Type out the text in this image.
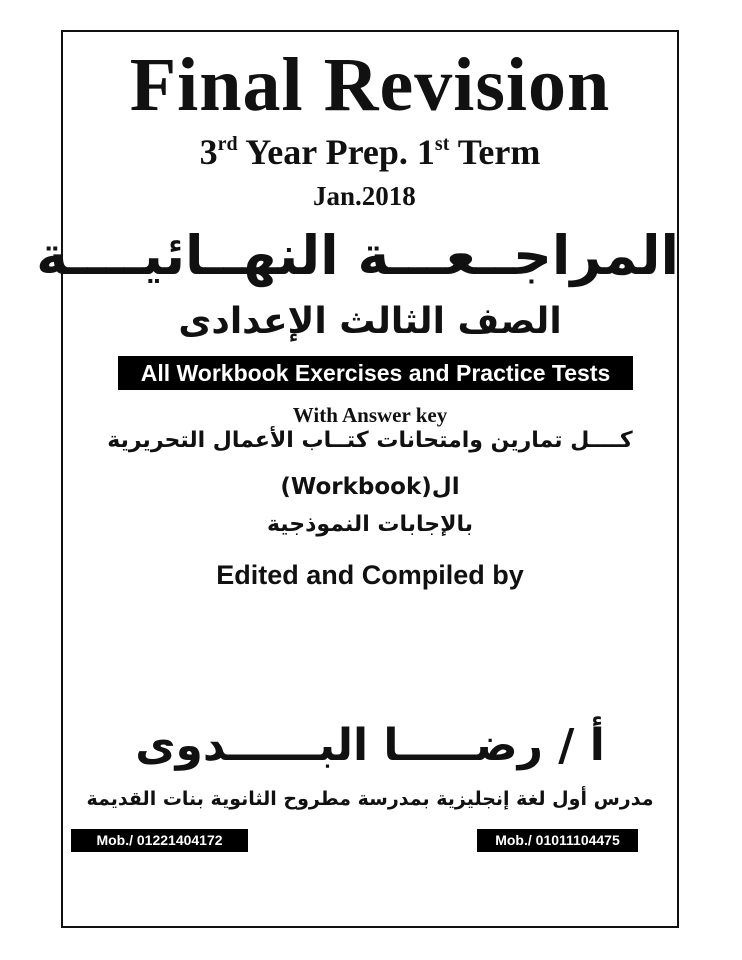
Final Revision
3rd Year Prep. 1st Term
Jan.2018
المراجــعـــة النهــائيــــة
الصف الثالث الإعدادى
All Workbook Exercises and Practice Tests
With Answer key
كــــل تمارين وامتحانات كتــاب الأعمال التحريرية
ال(Workbook)
بالإجابات النموذجية
Edited and Compiled by
أ / رضـــــا البــــــدوى
مدرس أول لغة إنجليزية بمدرسة مطروح الثانوية بنات القديمة
Mob./ 01221404172	Mob./ 01011104475
